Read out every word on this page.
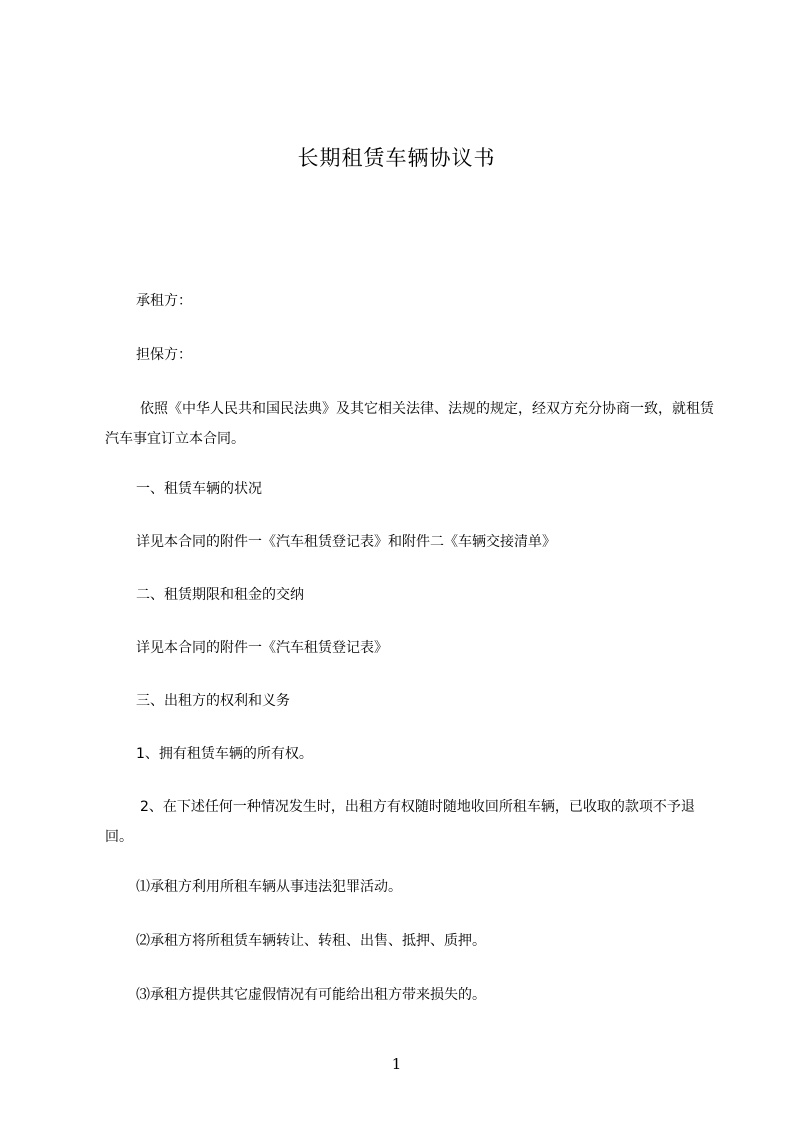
长期租赁车辆协议书
承租方：
担保方：
依照《中华人民共和国民法典》及其它相关法律、法规的规定，经双方充分协商一致，就租赁汽车事宜订立本合同。
一、租赁车辆的状况
详见本合同的附件一《汽车租赁登记表》和附件二《车辆交接清单》
二、租赁期限和租金的交纳
详见本合同的附件一《汽车租赁登记表》
三、出租方的权利和义务
1、拥有租赁车辆的所有权。
2、在下述任何一种情况发生时，出租方有权随时随地收回所租车辆，已收取的款项不予退回。
⑴承租方利用所租车辆从事违法犯罪活动。
⑵承租方将所租赁车辆转让、转租、出售、抵押、质押。
⑶承租方提供其它虚假情况有可能给出租方带来损失的。
1
